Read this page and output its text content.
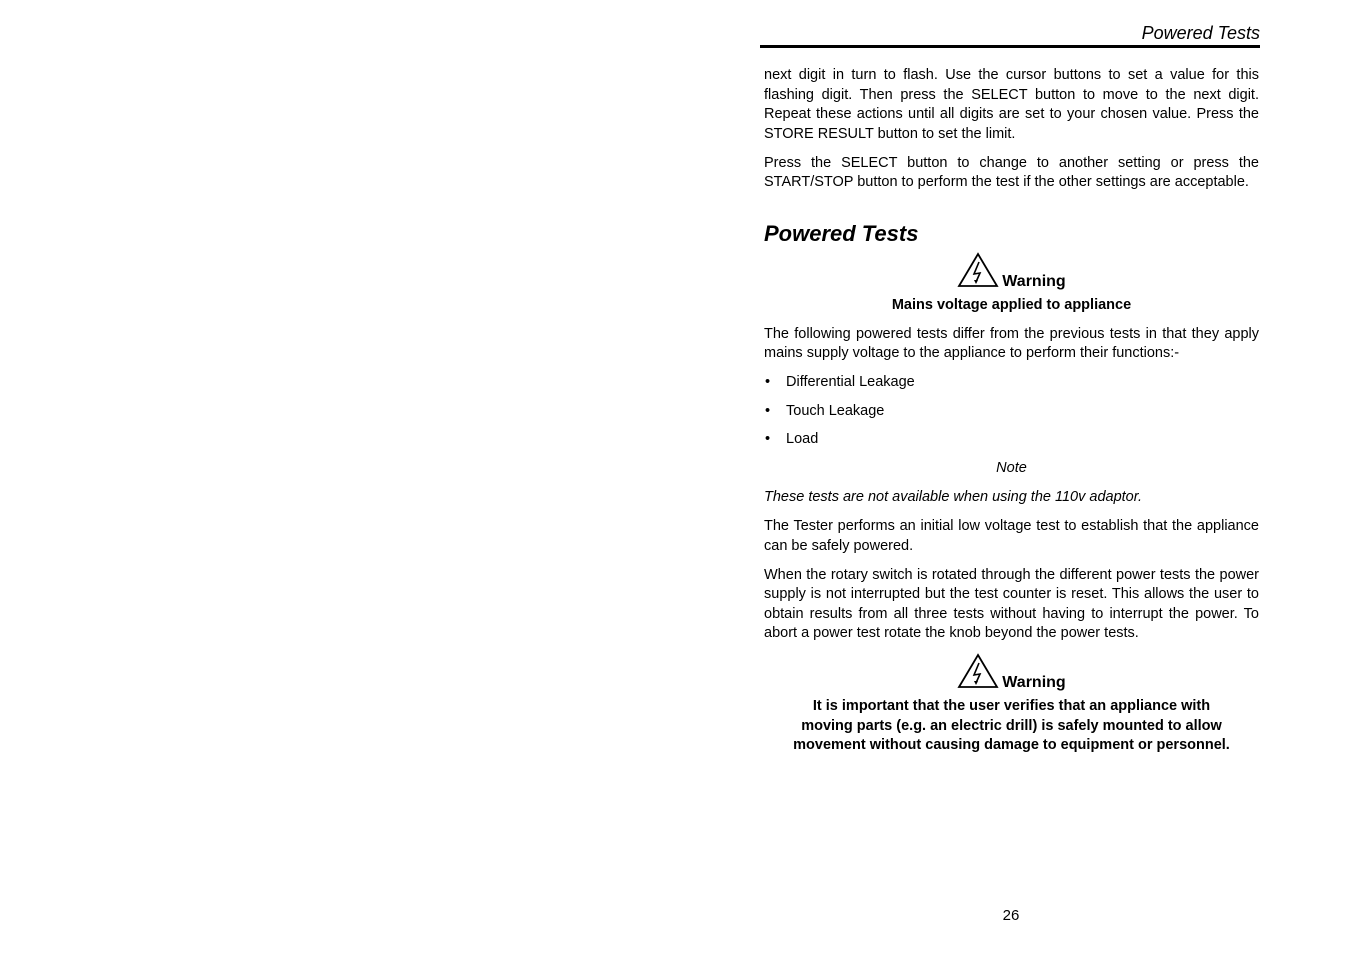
Powered Tests

next digit in turn to flash. Use the cursor buttons to set a value for this flashing digit. Then press the SELECT button to move to the next digit. Repeat these actions until all digits are set to your chosen value. Press the STORE RESULT button to set the limit.

Press the SELECT button to change to another setting or press the START/STOP button to perform the test if the other settings are acceptable.

Powered Tests
Warning

Mains voltage applied to appliance

The following powered tests differ from the previous tests in that they apply mains supply voltage to the appliance to perform their functions:-

• Differential Leakage
• Touch Leakage
• Load

Note

These tests are not available when using the 110v adaptor.

The Tester performs an initial low voltage test to establish that the appliance can be safely powered.

When the rotary switch is rotated through the different power tests the power supply is not interrupted but the test counter is reset. This allows the user to obtain results from all three tests without having to interrupt the power. To abort a power test rotate the knob beyond the power tests.

Warning

It is important that the user verifies that an appliance with moving parts (e.g. an electric drill) is safely mounted to allow movement without causing damage to equipment or personnel.

26
